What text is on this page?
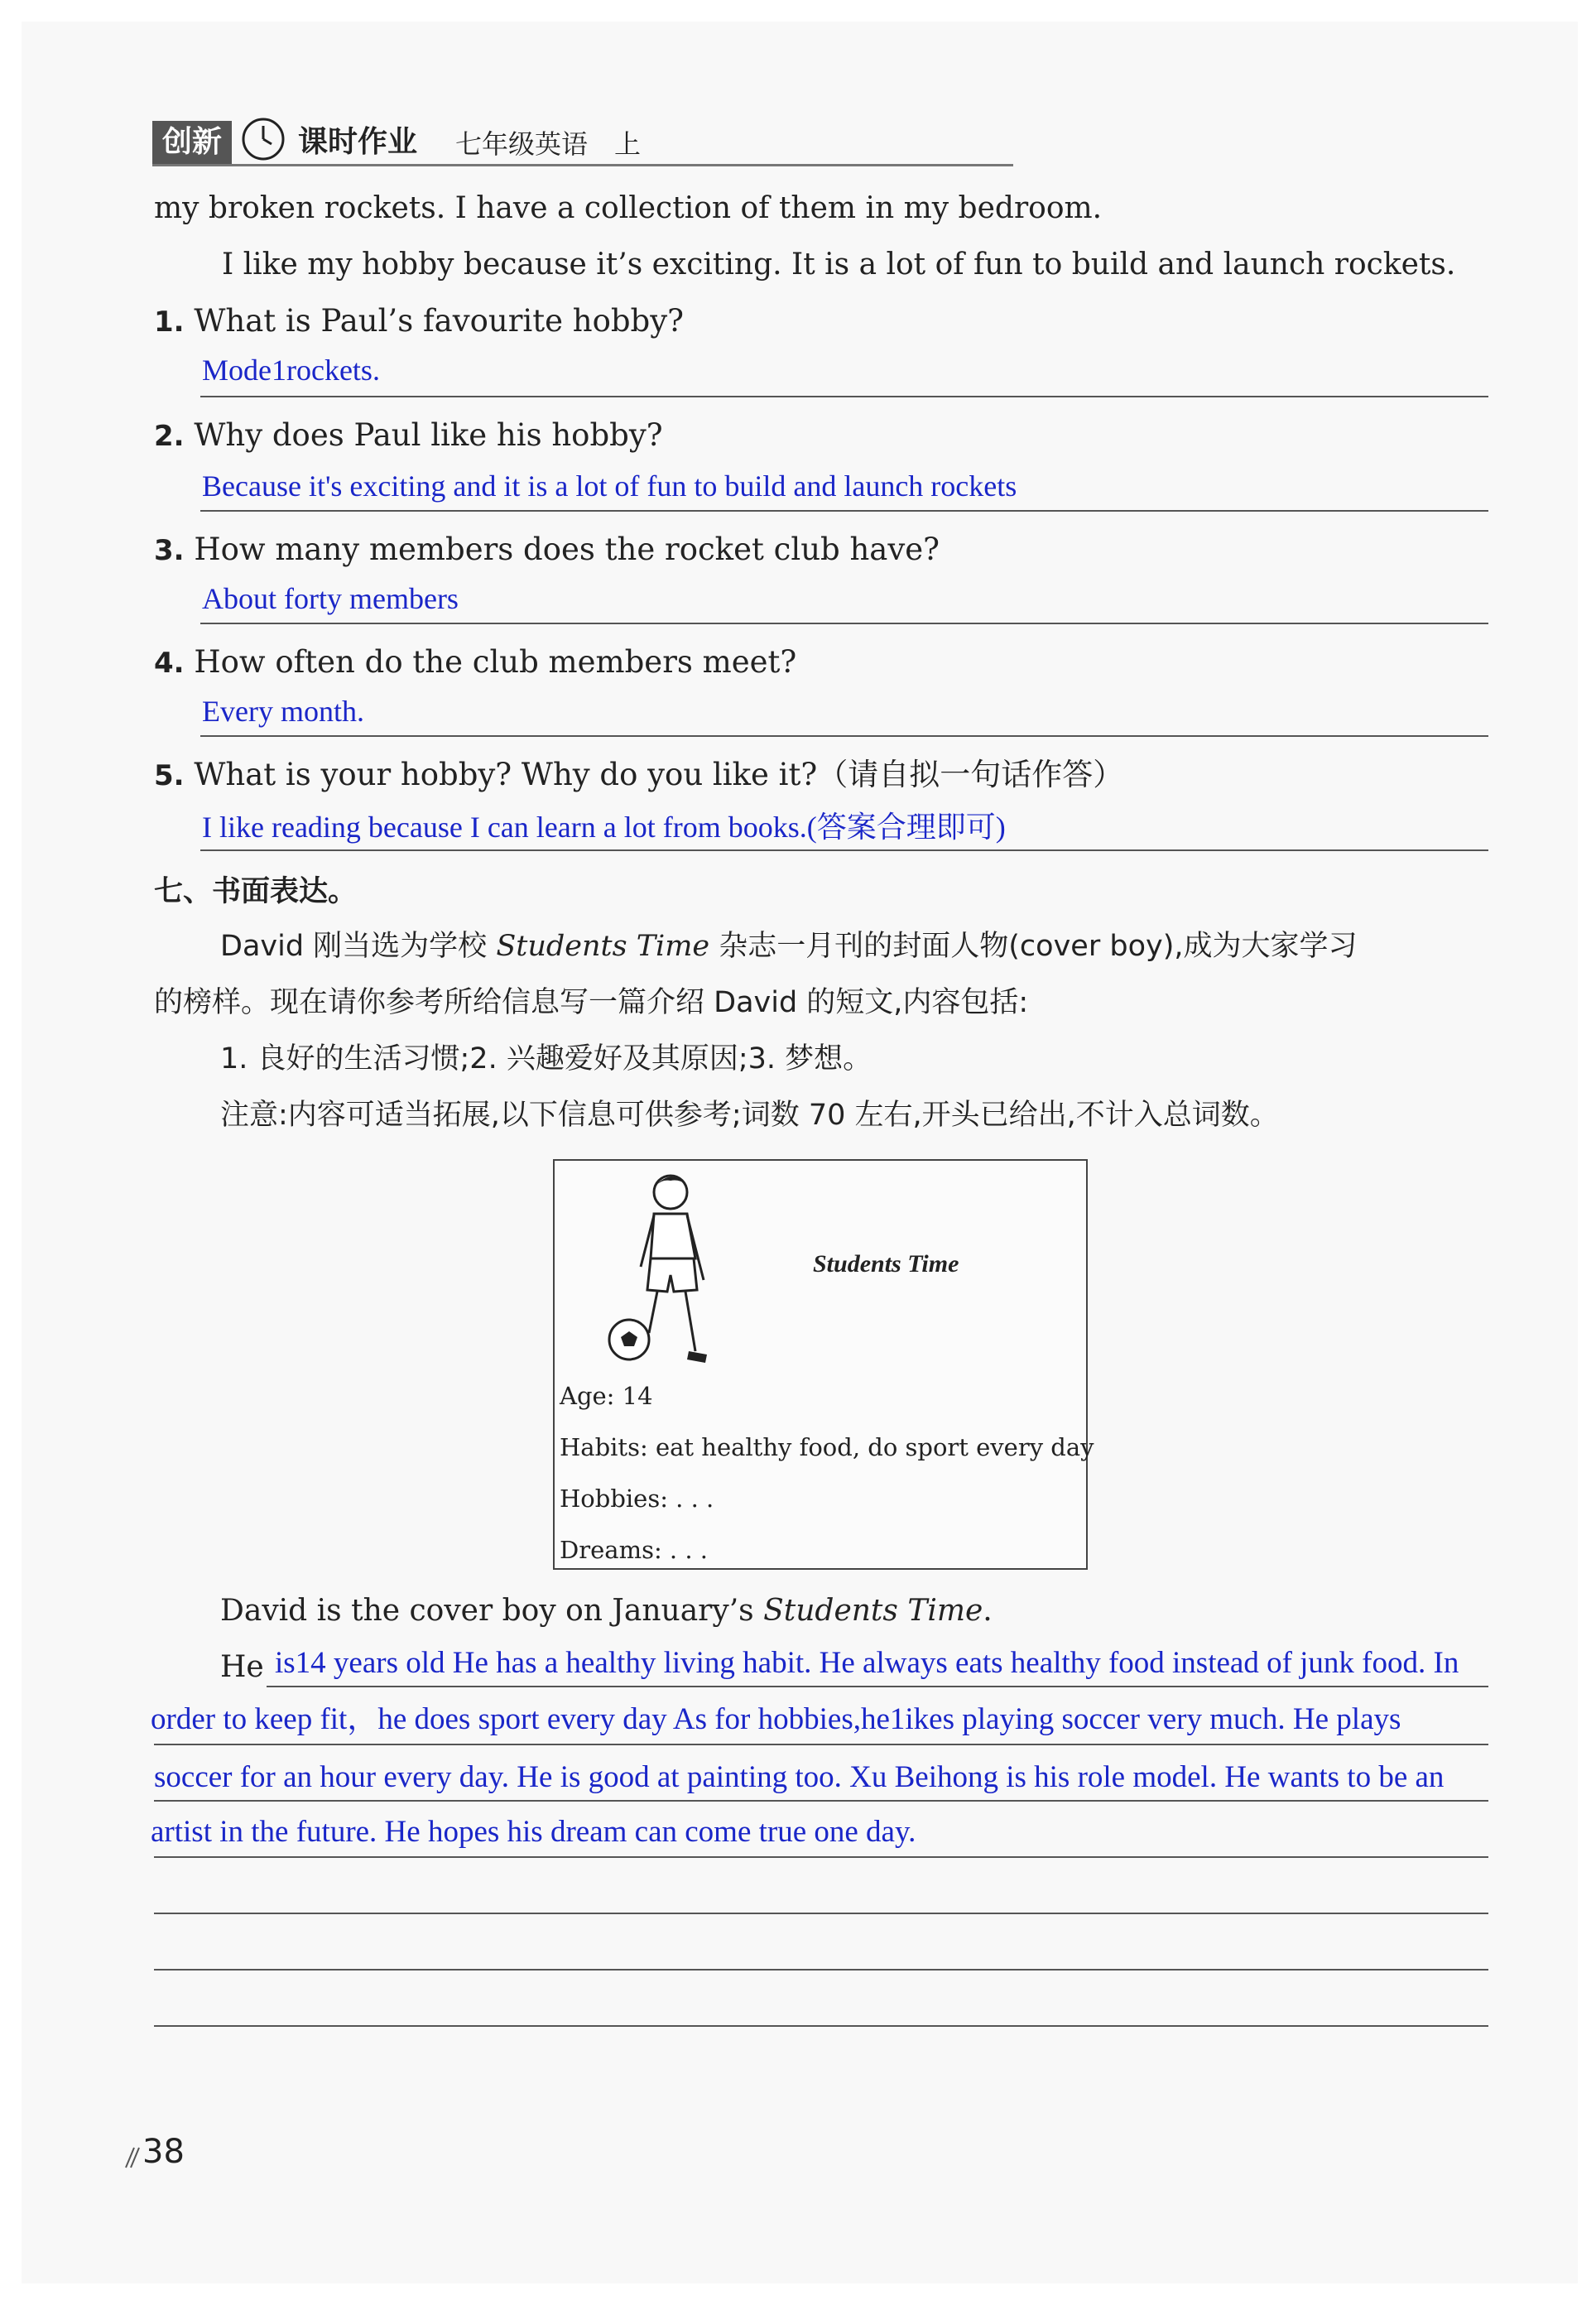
创新	课时作业 七年级英语　上
my broken rockets. I have a collection of them in my bedroom.
I like my hobby because it’s exciting. It is a lot of fun to build and launch rockets.
1. What is Paul’s favourite hobby?
Mode1rockets.
2. Why does Paul like his hobby?
Because it's exciting and it is a lot of fun to build and launch rockets
3. How many members does the rocket club have?
About forty members
4. How often do the club members meet?
Every month.
5. What is your hobby? Why do you like it?（请自拟一句话作答）
I like reading because I can learn a lot from books.(答案合理即可)
七、书面表达。
David 刚当选为学校 Students Time 杂志一月刊的封面人物(cover boy),成为大家学习
的榜样。现在请你参考所给信息写一篇介绍 David 的短文,内容包括:
1. 良好的生活习惯;2. 兴趣爱好及其原因;3. 梦想。
注意:内容可适当拓展,以下信息可供参考;词数 70 左右,开头已给出,不计入总词数。
Students Time
Age: 14
Habits: eat healthy food, do sport every day
Hobbies: . . .
Dreams: . . .
David is the cover boy on January’s Students Time.
He is14 years old He has a healthy living habit. He always eats healthy food instead of junk food. In
order to keep fit，he does sport every day As for hobbies,he1ikes playing soccer very much. He plays
soccer for an hour every day. He is good at painting too. Xu Beihong is his role model. He wants to be an
artist in the future. He hopes his dream can come true one day.
38
